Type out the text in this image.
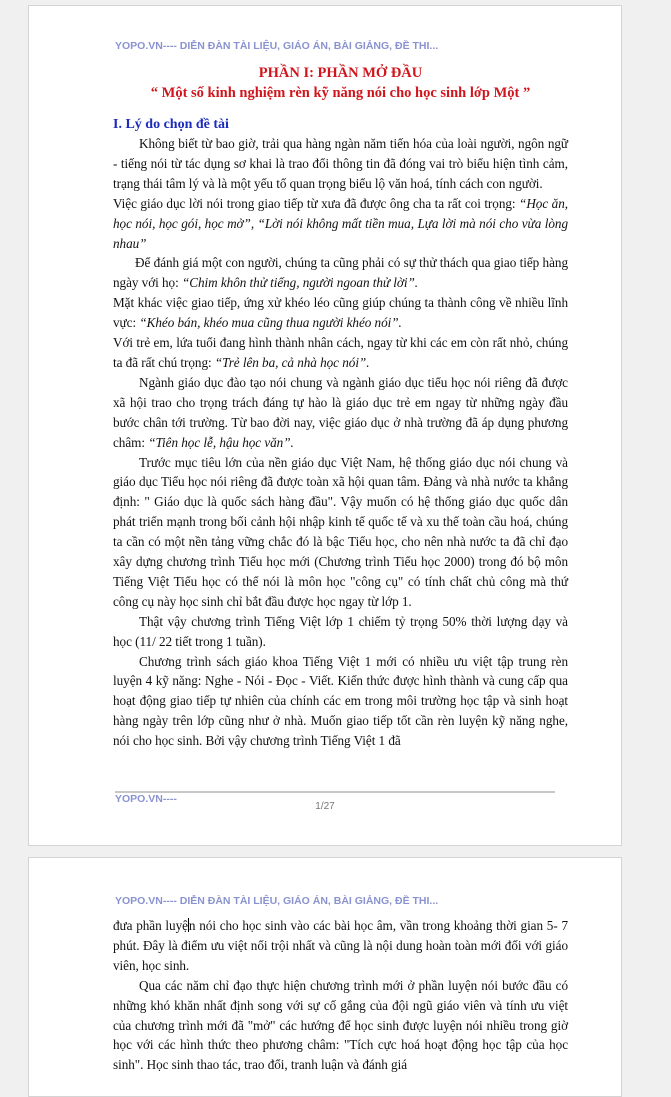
YOPO.VN---- DIỄN ĐÀN TÀI LIỆU, GIÁO ÁN, BÀI GIẢNG, ĐỀ THI...

PHẦN I: PHẦN MỞ ĐẦU

“ Một số kinh nghiệm rèn kỹ năng nói cho học sinh lớp Một ”

I. Lý do chọn đề tài

Không biết từ bao giờ, trải qua hàng ngàn năm tiến hóa của loài người, ngôn ngữ - tiếng nói từ tác dụng sơ khai là trao đổi thông tin đã đóng vai trò biểu hiện tình cảm, trạng thái tâm lý và là một yếu tố quan trọng biểu lộ văn hoá, tính cách con người.

Việc giáo dục lời nói trong giao tiếp từ xưa đã được ông cha ta rất coi trọng: “Học ăn, học nói, học gói, học mở”, “Lời nói không mất tiền mua, Lựa lời mà nói cho vừa lòng nhau”

Để đánh giá một con người, chúng ta cũng phải có sự thử thách qua giao tiếp hàng ngày với họ: “Chim khôn thử tiếng, người ngoan thử lời”.

Mặt khác việc giao tiếp, ứng xử khéo léo cũng giúp chúng ta thành công về nhiều lĩnh vực: “Khéo bán, khéo mua cũng thua người khéo nói”.

Với trẻ em, lứa tuổi đang hình thành nhân cách, ngay từ khi các em còn rất nhỏ, chúng ta đã rất chú trọng: “Trẻ lên ba, cả nhà học nói”.

Ngành giáo dục đào tạo nói chung và ngành giáo dục tiểu học nói riêng đã được xã hội trao cho trọng trách đáng tự hào là giáo dục trẻ em ngay từ những ngày đầu bước chân tới trường. Từ bao đời nay, việc giáo dục ở nhà trường đã áp dụng phương châm: “Tiên học lễ, hậu học văn”.

Trước mục tiêu lớn của nền giáo dục Việt Nam, hệ thống giáo dục nói chung và giáo dục Tiểu học nói riêng đã được toàn xã hội quan tâm. Đảng và nhà nước ta khẳng định: " Giáo dục là quốc sách hàng đầu". Vậy muốn có hệ thống giáo dục quốc dân phát triển mạnh trong bối cảnh hội nhập kinh tế quốc tế và xu thế toàn cầu hoá, chúng ta cần có một nền tảng vững chắc đó là bậc Tiểu học, cho nên nhà nước ta đã chỉ đạo xây dựng chương trình Tiểu học mới (Chương trình Tiểu học 2000) trong đó bộ môn Tiếng Việt Tiểu học có thể nói là môn học "công cụ" có tính chất chủ công mà thứ công cụ này học sinh chỉ bắt đầu được học ngay từ lớp 1.

Thật vậy chương trình Tiếng Việt lớp 1 chiếm tỷ trọng 50% thời lượng dạy và học (11/ 22 tiết trong 1 tuần).

Chương trình sách giáo khoa Tiếng Việt 1 mới có nhiều ưu việt tập trung rèn luyện 4 kỹ năng: Nghe - Nói - Đọc - Viết. Kiến thức được hình thành và cung cấp qua hoạt động giao tiếp tự nhiên của chính các em trong môi trường học tập và sinh hoạt hàng ngày trên lớp cũng như ở nhà. Muốn giao tiếp tốt cần rèn luyện kỹ năng nghe, nói cho học sinh. Bởi vậy chương trình Tiếng Việt 1 đã

YOPO.VN----
1/27
YOPO.VN---- DIỄN ĐÀN TÀI LIỆU, GIÁO ÁN, BÀI GIẢNG, ĐỀ THI...

đưa phần luyện nói cho học sinh vào các bài học âm, vần trong khoảng thời gian 5- 7 phút. Đây là điểm ưu việt nổi trội nhất và cũng là nội dung hoàn toàn mới đối với giáo viên, học sinh.

Qua các năm chỉ đạo thực hiện chương trình mới ở phần luyện nói bước đầu có những khó khăn nhất định song với sự cố gắng của đội ngũ giáo viên và tính ưu việt của chương trình mới đã "mở" các hướng để học sinh được luyện nói nhiều trong giờ học với các hình thức theo phương châm: "Tích cực hoá hoạt động học tập của học sinh". Học sinh thao tác, trao đổi, tranh luận và đánh giá
